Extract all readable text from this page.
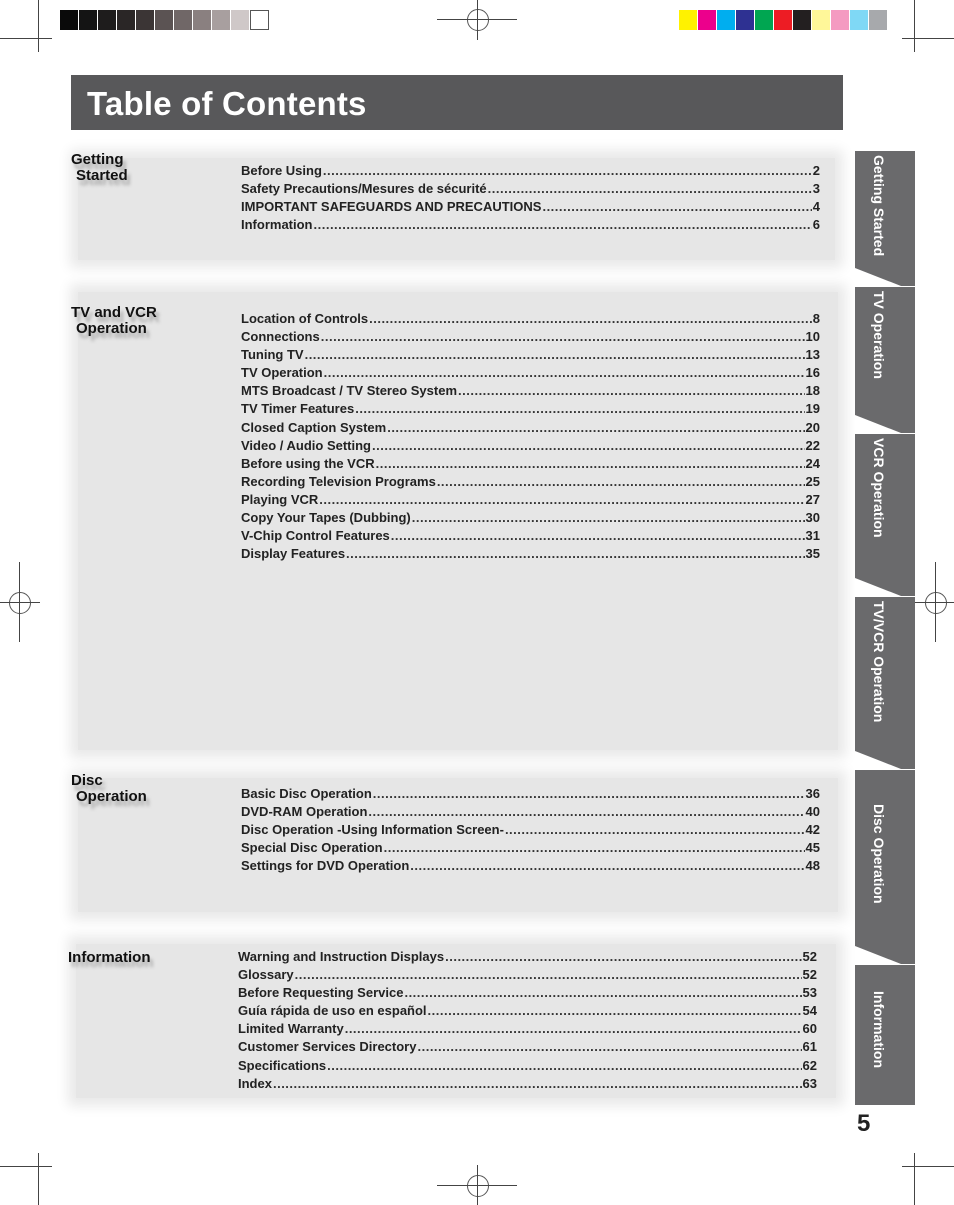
Table of Contents
Getting
Started	Before Using .....	2
Safety Precautions/Mesures de sécurité .....	3
IMPORTANT SAFEGUARDS AND PRECAUTIONS .....	4
Information .....	6
TV and VCR
Operation
Location of Controls .....	8
Connections .....	10
Tuning TV .....	13
TV Operation .....	16
MTS Broadcast / TV Stereo System .....	18
TV Timer Features .....	19
Closed Caption System .....	20
Video / Audio Setting .....	22
Before using the VCR .....	24
Recording Television Programs .....	25
Playing VCR .....	27
Copy Your Tapes (Dubbing) .....	30
V-Chip Control Features .....	31
Display Features .....	35
Disc
Operation	Basic Disc Operation .....	36
DVD-RAM Operation .....	40
Disc Operation -Using Information Screen- .....	42
Special Disc Operation .....	45
Settings for DVD Operation .....	48
Information	Warning and Instruction Displays .....	52
Glossary .....	52
Before Requesting Service .....	53
Guía rápida de uso en español .....	54
Limited Warranty .....	60
Customer Services Directory .....	61
Specifications .....	62
Index .....	63
Getting Started
TV Operation
VCR Operation
TV/VCR Operation
Disc Operation
Information
5
